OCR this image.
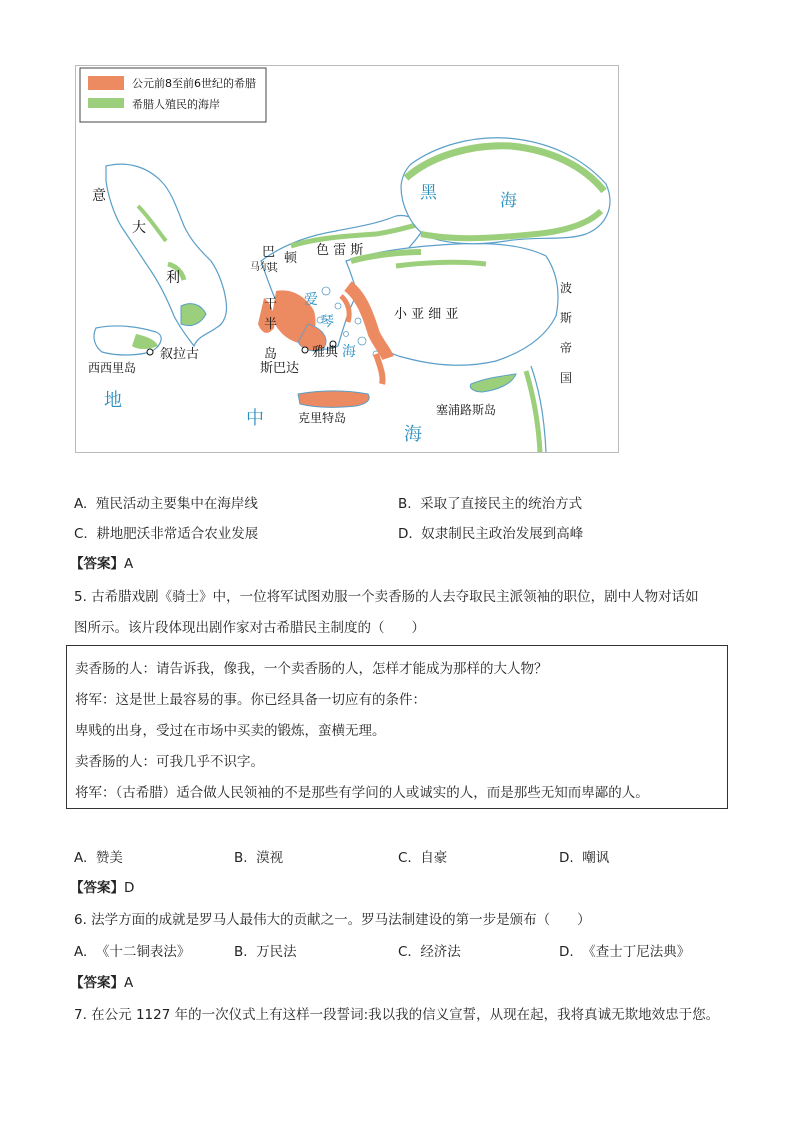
公元前8至前6世纪的希腊
希腊人殖民的海岸
意
大
利
叙拉古
西西里岛
巴
其
马尔
顿
色 雷 斯
干
半
岛	雅典
斯巴达
克里特岛
小 亚 细 亚
波
斯
帝
国
塞浦路斯岛
黑	海
爱
琴
海
地
中
海
A. 殖民活动主要集中在海岸线	B. 采取了直接民主的统治方式
C. 耕地肥沃非常适合农业发展	D. 奴隶制民主政治发展到高峰
【答案】A
5. 古希腊戏剧《骑士》中，一位将军试图劝服一个卖香肠的人去夺取民主派领袖的职位，剧中人物对话如
图所示。该片段体现出剧作家对古希腊民主制度的（　　）
卖香肠的人：请告诉我，像我，一个卖香肠的人，怎样才能成为那样的大人物？
将军：这是世上最容易的事。你已经具备一切应有的条件：
卑贱的出身，受过在市场中买卖的锻炼，蛮横无理。
卖香肠的人：可我几乎不识字。
将军：（古希腊）适合做人民领袖的不是那些有学问的人或诚实的人，而是那些无知而卑鄙的人。
A. 赞美	B. 漠视	C. 自豪	D. 嘲讽
【答案】D
6. 法学方面的成就是罗马人最伟大的贡献之一。罗马法制建设的第一步是颁布（　　）
A. 《十二铜表法》	B. 万民法	C. 经济法	D. 《查士丁尼法典》
【答案】A
7. 在公元 1127 年的一次仪式上有这样一段誓词:我以我的信义宣誓，从现在起，我将真诚无欺地效忠于您。
